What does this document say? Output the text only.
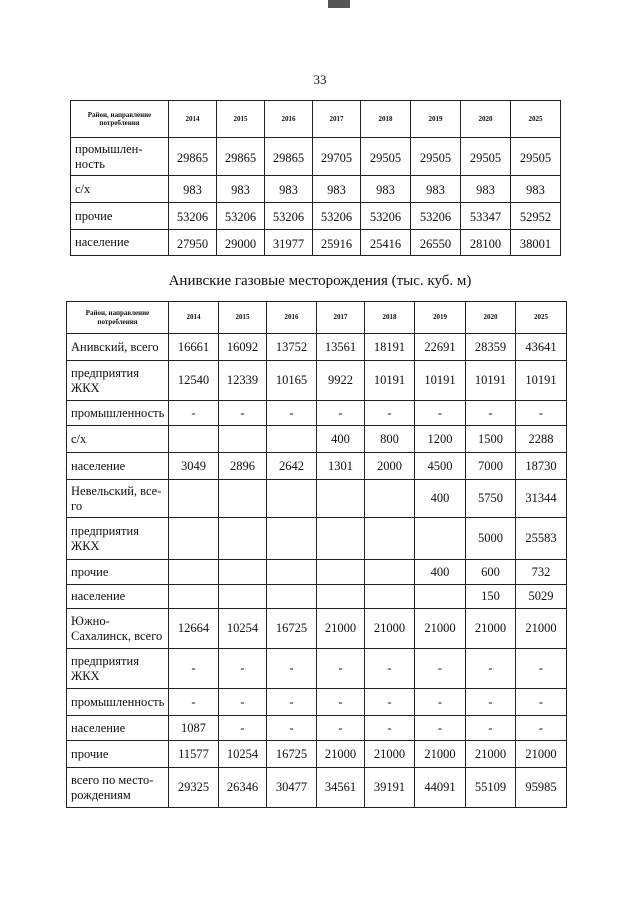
33
Район, направление потребления	2014	2015	2016	2017	2018	2019	2020	2025
промышлен-ность	29865	29865	29865	29705	29505	29505	29505	29505
с/х	983	983	983	983	983	983	983	983
прочие	53206	53206	53206	53206	53206	53206	53347	52952
население	27950	29000	31977	25916	25416	26550	28100	38001
Анивские газовые месторождения (тыс. куб. м)
Район, направление потребления	2014	2015	2016	2017	2018	2019	2020	2025
Анивский, всего	16661	16092	13752	13561	18191	22691	28359	43641
предприятия ЖКХ	12540	12339	10165	9922	10191	10191	10191	10191
промышленность	-	-	-	-	-	-	-	-
с/х				400	800	1200	1500	2288
население	3049	2896	2642	1301	2000	4500	7000	18730
Невельский, все-го						400	5750	31344
предприятия ЖКХ							5000	25583
прочие						400	600	732
население							150	5029
Южно-Сахалинск, всего	12664	10254	16725	21000	21000	21000	21000	21000
предприятия ЖКХ	-	-	-	-	-	-	-	-
промышленность	-	-	-	-	-	-	-	-
население	1087	-	-	-	-	-	-	-
прочие	11577	10254	16725	21000	21000	21000	21000	21000
всего по место-рождениям	29325	26346	30477	34561	39191	44091	55109	95985
